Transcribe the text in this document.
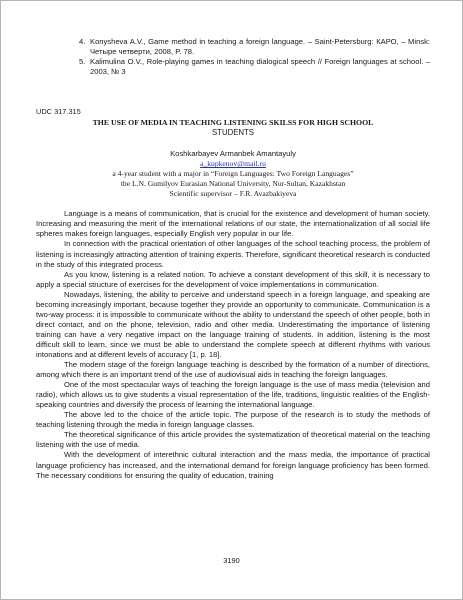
4. Konysheva A.V., Game method in teaching a foreign language. – Saint-Petersburg: КАРО, – Minsk: Четыре четверти, 2008, P. 78.
5. Kalimulina O.V., Role-playing games in teaching dialogical speech // Foreign languages at school. – 2003, № 3
UDC 317.315
THE USE OF MEDIA IN TEACHING LISTENING SKILSS FOR HIGH SCHOOL
STUDENTS
Koshkarbayev Armanbek Amantayuly
a_kupkenov@mail.ru
a 4-year student with a major in “Foreign Languages: Two Foreign Languages”
the L.N. Gumilyov Eurasian National University, Nur-Sultan, Kazakhstan
Scientific supervisor – F.R. Avazbakiyeva

Language is a means of communication, that is crucial for the existence and development of human society. Increasing and measuring the merit of the international relations of our state, the internationalization of all social life spheres makes foreign languages, especially English very popular in our life.

In connection with the practical orientation of other languages of the school teaching process, the problem of listening is increasingly attracting attention of training experts. Therefore, significant theoretical research is conducted in the study of this integrated process.

As you know, listening is a related notion. To achieve a constant development of this skill, it is necessary to apply a special structure of exercises for the development of voice implementations in communication.

Nowadays, listening, the ability to perceive and understand speech in a foreign language, and speaking are becoming increasingly important, because together they provide an opportunity to communicate. Communication is a two-way process: it is impossible to communicate without the ability to understand the speech of other people, both in direct contact, and on the phone, television, radio and other media. Underestimating the importance of listening training can have a very negative impact on the language training of students. In addition, listening is the most difficult skill to learn, since we must be able to understand the complete speech at different rhythms with various intonations and at different levels of accuracy [1, p. 18].

The modern stage of the foreign language teaching is described by the formation of a number of directions, among which there is an important trend of the use of audiovisual aids in teaching the foreign languages.

One of the most spectacular ways of teaching the foreign language is the use of mass media (television and radio), which allows us to give students a visual representation of the life, traditions, linguistic realities of the English-speaking countries and diversify the process of learning the international language.

The above led to the choice of the article topic. The purpose of the research is to study the methods of teaching listening through the media in foreign language classes.

The theoretical significance of this article provides the systematization of theoretical material on the teaching listening with the use of media.

With the development of interethnic cultural interaction and the mass media, the importance of practical language proficiency has increased, and the international demand for foreign language proficiency has been formed. The necessary conditions for ensuring the quality of education, training

3190
